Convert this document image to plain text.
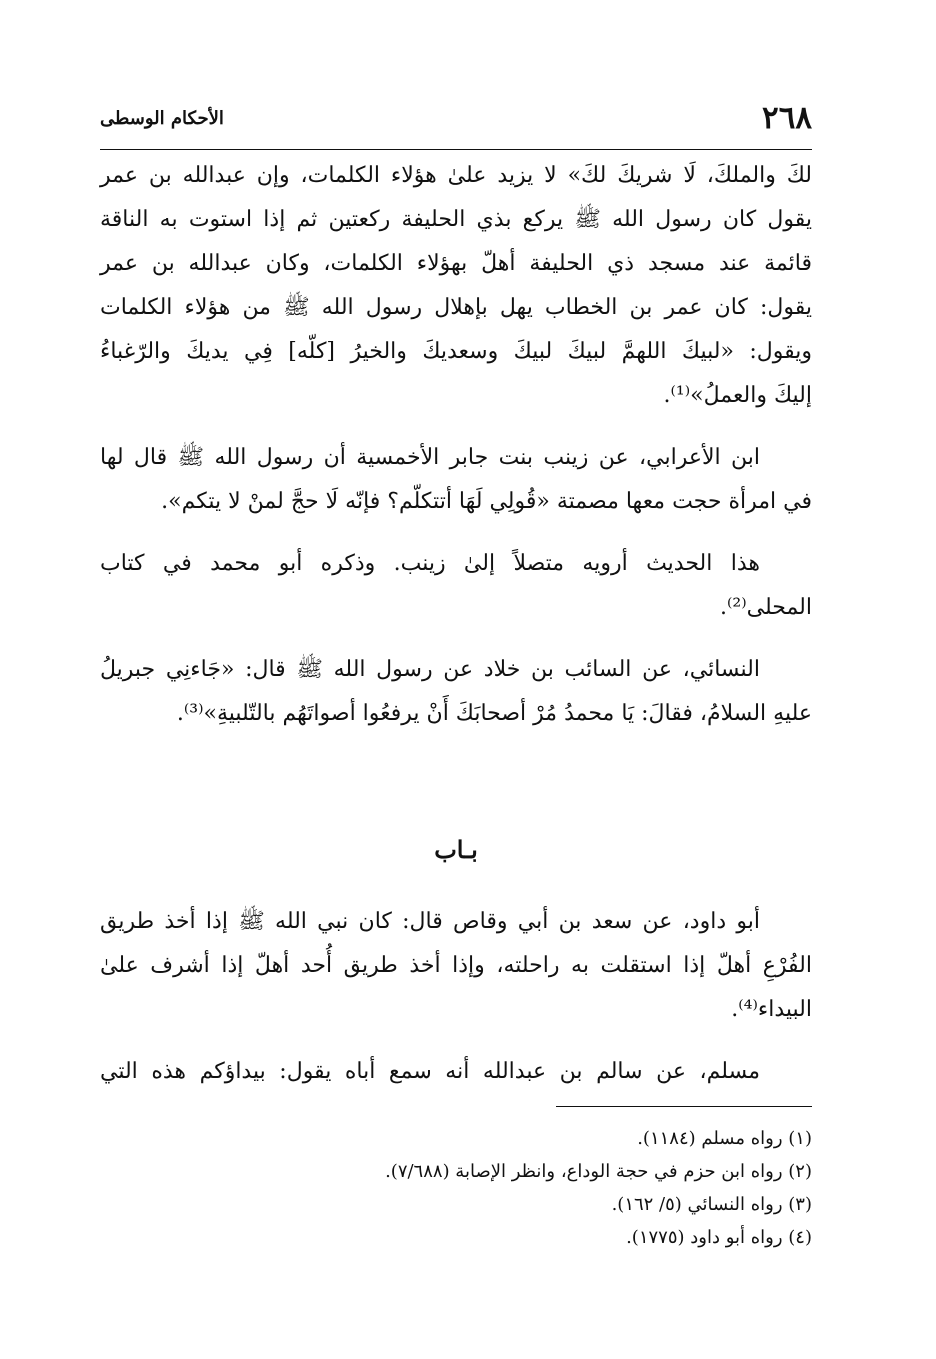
٢٦٨
الأحكام الوسطى
لكَ والملكَ، لَا شريكَ لكَ» لا يزيد علىٰ هؤلاء الكلمات، وإن عبدالله بن عمر
يقول كان رسول الله ﷺ يركع بذي الحليفة ركعتين ثم إذا استوت به الناقة
قائمة عند مسجد ذي الحليفة أهلّ بهؤلاء الكلمات، وكان عبدالله بن عمر
يقول: كان عمر بن الخطاب يهل بإهلال رسول الله ﷺ من هؤلاء الكلمات
ويقول: «لبيكَ اللهمَّ لبيكَ لبيكَ وسعديكَ والخيرُ [كلّه] فِي يديكَ والرّغباءُ
إليكَ والعملُ»⁽¹⁾.
ابن الأعرابي، عن زينب بنت جابر الأخمسية أن رسول الله ﷺ قال لها
في امرأة حجت معها مصمتة «قُولِي لَهَا أتتكلّم؟ فإنّه لَا حجَّ لمنْ لا يتكم».
هذا الحديث أرويه متصلاً إلىٰ زينب. وذكره أبو محمد في كتاب
المحلى⁽²⁾.
النسائي، عن السائب بن خلاد عن رسول الله ﷺ قال: «جَاءنِي جبريلُ
عليهِ السلامُ، فقالَ: يَا محمدُ مُرْ أصحابَكَ أَنْ يرفعُوا أصواتَهُم بالتّلبيةِ»⁽³⁾.
بـاب
أبو داود، عن سعد بن أبي وقاص قال: كان نبي الله ﷺ إذا أخذ طريق
الفُرْعِ أهلّ إذا استقلت به راحلته، وإذا أخذ طريق أُحد أهلّ إذا أشرف علىٰ
البيداء⁽⁴⁾.
مسلم، عن سالم بن عبدالله أنه سمع أباه يقول: بيداؤكم هذه التي
(١) رواه مسلم (١١٨٤).
(٢) رواه ابن حزم في حجة الوداع، وانظر الإصابة (٧/٦٨٨).
(٣) رواه النسائي (٥/ ١٦٢).
(٤) رواه أبو داود (١٧٧٥).
